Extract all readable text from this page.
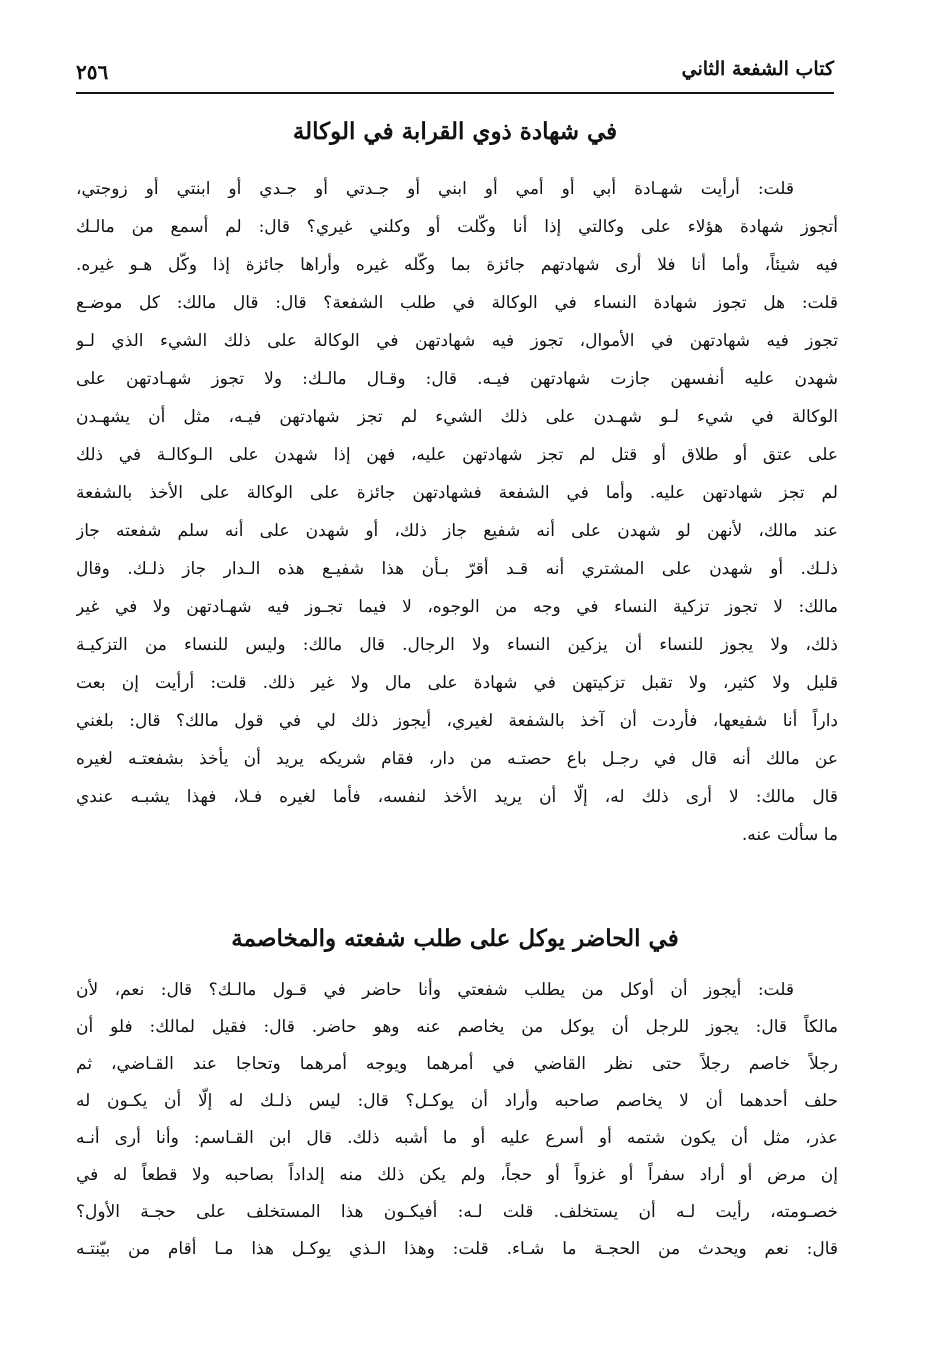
كتاب الشفعة الثاني
٢٥٦
في شهادة ذوي القرابة في الوكالة
قلت: أرأيت شهـادة أبي أو أمي أو ابني أو جـدتي أو جـدي أو ابنتي أو زوجتي،
أتجوز شهادة هؤلاء على وكالتي إذا أنا وكّلت أو وكلني غيري؟ قال: لم أسمع من مالـك
فيه شيئاً، وأما أنا فلا أرى شهادتهم جائزة بما وكّله غيره وأراها جائزة إذا وكّل هـو غيره.
قلت: هل تجوز شهادة النساء في الوكالة في طلب الشفعة؟ قال: قال مالك: كل موضـع
تجوز فيه شهادتهن في الأموال، تجوز فيه شهادتهن في الوكالة على ذلك الشيء الذي لـو
شهدن عليه أنفسهن جازت شهادتهن فيـه. قال: وقـال مالـك: ولا تجوز شهـادتهن على
الوكالة في شيء لـو شهـدن على ذلك الشيء لم تجز شهادتهن فيـه، مثل أن يشهـدن
على عتق أو طلاق أو قتل لم تجز شهادتهن عليه، فهن إذا شهدن على الـوكالـة في ذلك
لم تجز شهادتهن عليه. وأما في الشفعة فشهادتهن جائزة على الوكالة على الأخذ بالشفعة
عند مالك، لأنهن لو شهدن على أنه شفيع جاز ذلك، أو شهدن على أنه سلم شفعته جاز
ذلـك. أو شهدن على المشتري أنه قـد أقرّ بـأن هذا شفيـع هذه الـدار جاز ذلـك. وقال
مالك: لا تجوز تزكية النساء في وجه من الوجوه، لا فيما تجـوز فيه شهـادتهن ولا في غير
ذلك، ولا يجوز للنساء أن يزكين النساء ولا الرجال. قال مالك: وليس للنساء من التزكيـة
قليل ولا كثير، ولا تقبل تزكيتهن في شهادة على مال ولا غير ذلك. قلت: أرأيت إن بعت
داراً أنا شفيعها، فأردت أن آخذ بالشفعة لغيري، أيجوز ذلك لي في قول مالك؟ قال: بلغني
عن مالك أنه قال في رجـل باع حصتـه من دار، فقام شريكه يريد أن يأخذ بشفعتـه لغيره
قال مالك: لا أرى ذلك له، إلّا أن يريد الأخذ لنفسه، فأما لغيره فـلا، فهذا يشبـه عندي
ما سألت عنه.
في الحاضر يوكل على طلب شفعته والمخاصمة
قلت: أيجوز أن أوكل من يطلب شفعتي وأنا حاضر في قـول مالـك؟ قال: نعم، لأن
مالكاً قال: يجوز للرجل أن يوكل من يخاصم عنه وهو حاضر. قال: فقيل لمالك: فلو أن
رجلاً خاصم رجلاً حتى نظر القاضي في أمرهما ويوجه أمرهما وتحاجا عند القـاضي، ثم
حلف أحدهما أن لا يخاصم صاحبه وأراد أن يوكـل؟ قال: ليس ذلـك له إلّا أن يكـون له
عذر، مثل أن يكون شتمه أو أسرع عليه أو ما أشبه ذلك. قال ابن القـاسم: وأنا أرى أنـه
إن مرض أو أراد سفراً أو غزواً أو حجاً، ولم يكن ذلك منه إلداداً بصاحبه ولا قطعاً له في
خصـومته، رأيت لـه أن يستخلف. قلت لـه: أفيكـون هذا المستخلف على حجـة الأول؟
قال: نعم ويحدث من الحجـة ما شـاء. قلت: وهذا الـذي يوكـل هذا مـا أقام من بيّنتـه
